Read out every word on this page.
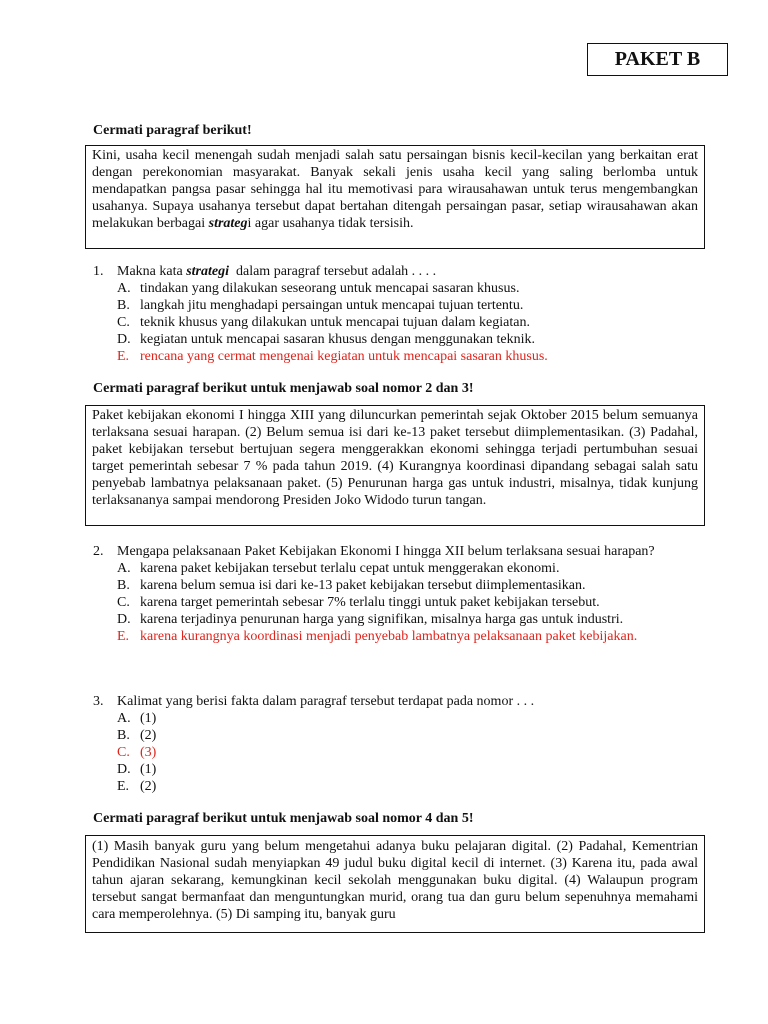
PAKET B
Cermati paragraf berikut!

Kini, usaha kecil menengah sudah menjadi salah satu persaingan bisnis kecil-kecilan yang berkaitan erat dengan perekonomian masyarakat. Banyak sekali jenis usaha kecil yang saling berlomba untuk mendapatkan pangsa pasar sehingga hal itu memotivasi para wirausahawan untuk terus mengembangkan usahanya. Supaya usahanya tersebut dapat bertahan ditengah persaingan pasar, setiap wirausahawan akan melakukan berbagai strategi agar usahanya tidak tersisih.

1. Makna kata strategi  dalam paragraf tersebut adalah . . . .
A. tindakan yang dilakukan seseorang untuk mencapai sasaran khusus.
B. langkah jitu menghadapi persaingan untuk mencapai tujuan tertentu.
C. teknik khusus yang dilakukan untuk mencapai tujuan dalam kegiatan.
D. kegiatan untuk mencapai sasaran khusus dengan menggunakan teknik.
E. rencana yang cermat mengenai kegiatan untuk mencapai sasaran khusus.
Cermati paragraf berikut untuk menjawab soal nomor 2 dan 3!

Paket kebijakan ekonomi I hingga XIII yang diluncurkan pemerintah sejak Oktober 2015 belum semuanya terlaksana sesuai harapan. (2) Belum semua isi dari ke-13 paket tersebut diimplementasikan. (3) Padahal, paket kebijakan tersebut bertujuan segera menggerakkan ekonomi sehingga terjadi pertumbuhan sesuai target pemerintah sebesar 7 % pada tahun 2019. (4) Kurangnya koordinasi dipandang sebagai salah satu penyebab lambatnya pelaksanaan paket. (5) Penurunan harga gas untuk industri, misalnya, tidak kunjung terlaksananya sampai mendorong Presiden Joko Widodo turun tangan.

2. Mengapa pelaksanaan Paket Kebijakan Ekonomi I hingga XII belum terlaksana sesuai harapan?
A. karena paket kebijakan tersebut terlalu cepat untuk menggerakan ekonomi.
B. karena belum semua isi dari ke-13 paket kebijakan tersebut diimplementasikan.
C. karena target pemerintah sebesar 7% terlalu tinggi untuk paket kebijakan tersebut.
D. karena terjadinya penurunan harga yang signifikan, misalnya harga gas untuk industri.
E. karena kurangnya koordinasi menjadi penyebab lambatnya pelaksanaan paket kebijakan.
3. Kalimat yang berisi fakta dalam paragraf tersebut terdapat pada nomor . . .
A. (1)
B. (2)
C. (3)
D. (1)
E. (2)
Cermati paragraf berikut untuk menjawab soal nomor 4 dan 5!

(1) Masih banyak guru yang belum mengetahui adanya buku pelajaran digital. (2) Padahal, Kementrian Pendidikan Nasional sudah menyiapkan 49 judul buku digital kecil di internet. (3) Karena itu, pada awal tahun ajaran sekarang, kemungkinan kecil sekolah menggunakan buku digital. (4) Walaupun program tersebut sangat bermanfaat dan menguntungkan murid, orang tua dan guru belum sepenuhnya memahami cara memperolehnya. (5) Di samping itu, banyak guru
